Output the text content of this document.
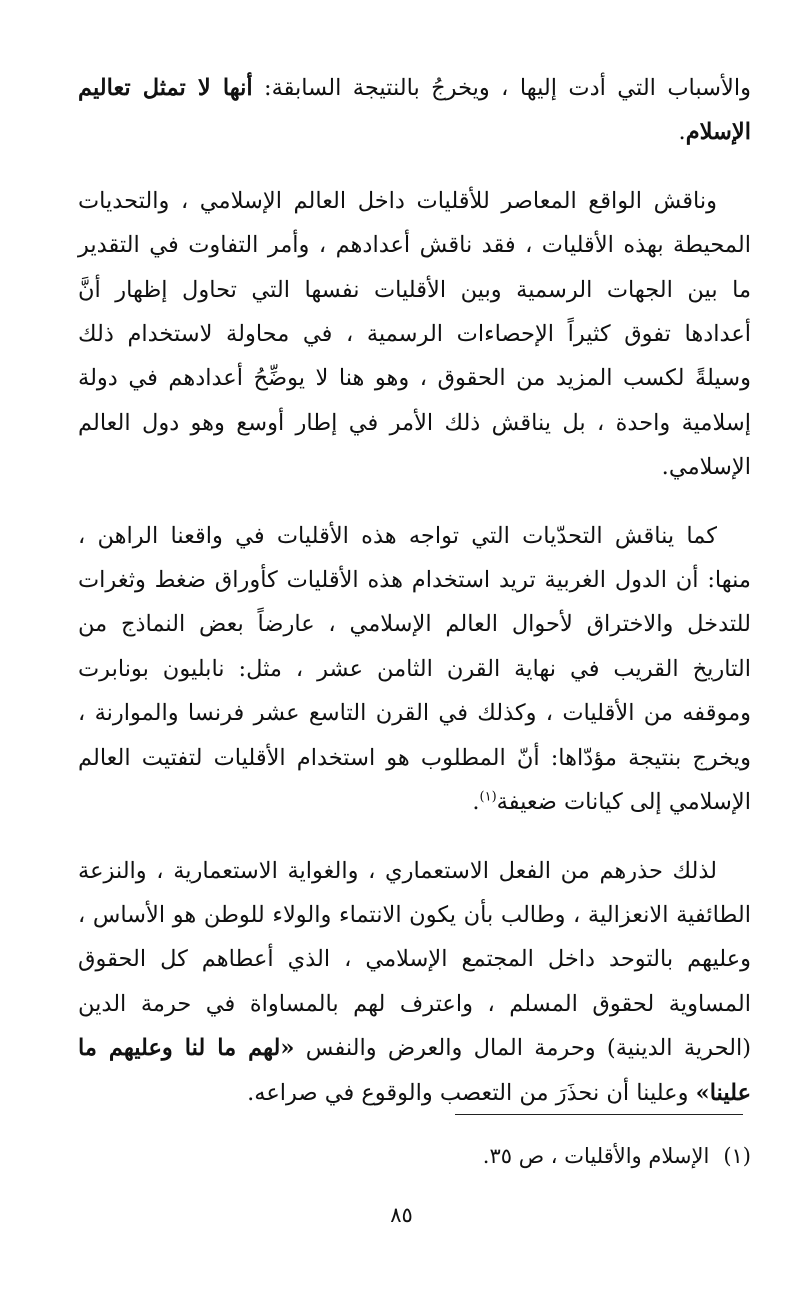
والأسباب التي أدت إليها ، ويخرجُ بالنتيجة السابقة: أنها لا تمثل تعاليم الإسلام.

وناقش الواقع المعاصر للأقليات داخل العالم الإسلامي ، والتحديات المحيطة بهذه الأقليات ، فقد ناقش أعدادهم ، وأمر التفاوت في التقدير ما بين الجهات الرسمية وبين الأقليات نفسها التي تحاول إظهار أنَّ أعدادها تفوق كثيراً الإحصاءات الرسمية ، في محاولة لاستخدام ذلك وسيلةً لكسب المزيد من الحقوق ، وهو هنا لا يوضِّحُ أعدادهم في دولة إسلامية واحدة ، بل يناقش ذلك الأمر في إطار أوسع وهو دول العالم الإسلامي.

كما يناقش التحدّيات التي تواجه هذه الأقليات في واقعنا الراهن ، منها: أن الدول الغربية تريد استخدام هذه الأقليات كأوراق ضغط وثغرات للتدخل والاختراق لأحوال العالم الإسلامي ، عارضاً بعض النماذج من التاريخ القريب في نهاية القرن الثامن عشر ، مثل: نابليون بونابرت وموقفه من الأقليات ، وكذلك في القرن التاسع عشر فرنسا والموارنة ، ويخرج بنتيجة مؤدّاها: أنّ المطلوب هو استخدام الأقليات لتفتيت العالم الإسلامي إلى كيانات ضعيفة$^{(١)}$.

لذلك حذرهم من الفعل الاستعماري ، والغواية الاستعمارية ، والنزعة الطائفية الانعزالية ، وطالب بأن يكون الانتماء والولاء للوطن هو الأساس ، وعليهم بالتوحد داخل المجتمع الإسلامي ، الذي أعطاهم كل الحقوق المساوية لحقوق المسلم ، واعترف لهم بالمساواة في حرمة الدين (الحرية الدينية) وحرمة المال والعرض والنفس «لهم ما لنا وعليهم ما علينا» وعلينا أن نحذَرَ من التعصب والوقوع في صراعه.

(١)الإسلام والأقليات ، ص ٣٥.
٨٥
